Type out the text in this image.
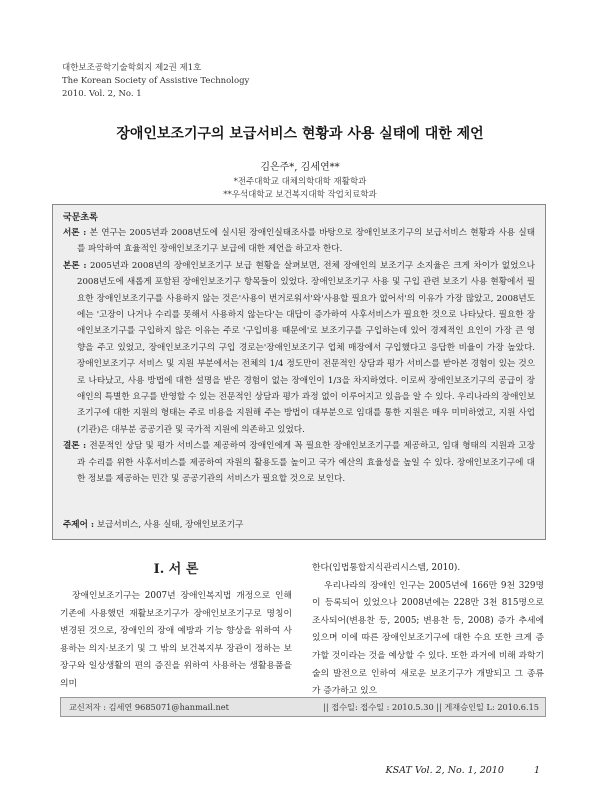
대한보조공학기술학회지 제2권 제1호
The Korean Society of Assistive Technology
2010. Vol. 2, No. 1
장애인보조기구의 보급서비스 현황과 사용 실태에 대한 제언
김은주*, 김세연**
*전주대학교 대체의학대학 재활학과
**우석대학교 보건복지대학 작업치료학과
국문초록

서론 : 본 연구는 2005년과 2008년도에 실시된 장애인실태조사를 바탕으로 장애인보조기구의 보급서비스 현황과 사용 실태를 파악하여 효율적인 장애인보조기구 보급에 대한 제언을 하고자 한다.

본론 : 2005년과 2008년의 장애인보조기구 보급 현황을 살펴보면, 전체 장애인의 보조기구 소지율은 크게 차이가 없었으나 2008년도에 새롭게 포함된 장애인보조기구 항목들이 있었다. 장애인보조기구 사용 및 구입 관련 보조기 사용 현황에서 필요한 장애인보조기구를 사용하지 않는 것은'사용이 번거로워서'와'사용할 필요가 없어서'의 이유가 가장 많았고, 2008년도에는 '고장이 나거나 수리를 못해서 사용하지 않는다'는 대답이 증가하여 사후서비스가 필요한 것으로 나타났다. 필요한 장애인보조기구를 구입하지 않은 이유는 주로 '구입비용 때문에'로 보조기구를 구입하는데 있어 경제적인 요인이 가장 큰 영향을 주고 있었고, 장애인보조기구의 구입 경로는'장애인보조기구 업체 매장에서 구입했다고 응답한 비율이 가장 높았다. 장애인보조기구 서비스 및 지원 부분에서는 전체의 1/4 정도만이 전문적인 상담과 평가 서비스를 받아본 경험이 있는 것으로 나타났고, 사용 방법에 대한 설명을 받은 경험이 없는 장애인이 1/3을 차지하였다. 이로써 장애인보조기구의 공급이 장애인의 특별한 요구를 반영할 수 있는 전문적인 상담과 평가 과정 없이 이루어지고 있음을 알 수 있다. 우리나라의 장애인보조기구에 대한 지원의 형태는 주로 비용을 지원해 주는 방법이 대부분으로 임대를 통한 지원은 매우 미미하였고, 지원 사업(기관)은 대부분 공공기관 및 국가적 지원에 의존하고 있었다.

결론 : 전문적인 상담 및 평가 서비스를 제공하여 장애인에게 꼭 필요한 장애인보조기구를 제공하고, 임대 형태의 지원과 고장과 수리를 위한 사후서비스를 제공하여 자원의 활용도를 높이고 국가 예산의 효율성을 높일 수 있다. 장애인보조기구에 대한 정보를 제공하는 민간 및 공공기관의 서비스가 필요할 것으로 보인다.

주제어 : 보급서비스, 사용 실태, 장애인보조기구
I. 서 론

장애인보조기구는 2007년 장애인복지법 개정으로 인해 기존에 사용했던 재활보조기구가 장애인보조기구로 명칭이 변경된 것으로, 장애인의 장애 예방과 기능 향상을 위하여 사용하는 의지·보조기 및 그 밖의 보건복지부 장관이 정하는 보장구와 일상생활의 편의 증진을 위하여 사용하는 생활용품을 의미

한다(입법통합지식관리시스템, 2010).

우리나라의 장애인 인구는 2005년에 166만 9천 329명이 등록되어 있었으나 2008년에는 228만 3천 815명으로 조사되어(변용찬 등, 2005; 변용찬 등, 2008) 증가 추세에 있으며 이에 따른 장애인보조기구에 대한 수요 또한 크게 증가할 것이라는 것을 예상할 수 있다. 또한 과거에 비해 과학기술의 발전으로 인하여 새로운 보조기구가 개발되고 그 종류가 증가하고 있으

교신저자 : 김세연 9685071@hanmail.net	|| 접수일: 접수일 : 2010.5.30 || 게재승인일 L: 2010.6.15
KSAT Vol. 2, No. 1, 2010	1
